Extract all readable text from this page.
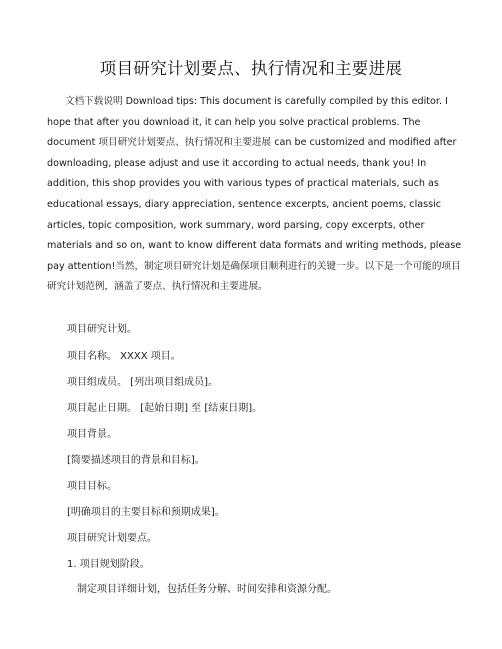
项目研究计划要点、执行情况和主要进展

文档下载说明 Download tips: This document is carefully compiled by this editor. I hope that after you download it, it can help you solve practical problems. The document 项目研究计划要点、执行情况和主要进展 can be customized and modified after downloading, please adjust and use it according to actual needs, thank you! In addition, this shop provides you with various types of practical materials, such as educational essays, diary appreciation, sentence excerpts, ancient poems, classic articles, topic composition, work summary, word parsing, copy excerpts, other materials and so on, want to know different data formats and writing methods, please pay attention!当然，制定项目研究计划是确保项目顺利进行的关键一步。以下是一个可能的项目研究计划范例，涵盖了要点、执行情况和主要进展。

项目研究计划。

项目名称。 XXXX 项目。

项目组成员。 [列出项目组成员]。

项目起止日期。 [起始日期] 至 [结束日期]。

项目背景。

[简要描述项目的背景和目标]。

项目目标。

[明确项目的主要目标和预期成果]。

项目研究计划要点。

1. 项目规划阶段。

制定项目详细计划，包括任务分解、时间安排和资源分配。
